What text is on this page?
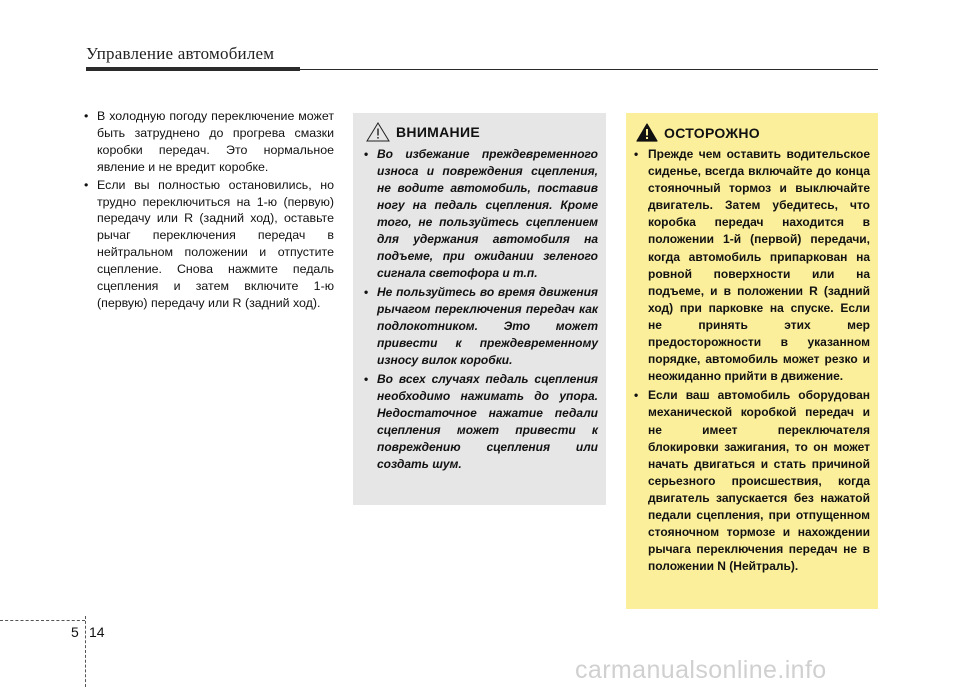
Управление автомобилем
• В холодную погоду переключение может быть затруднено до прогрева смазки коробки передач. Это нормальное явление и не вредит коробке.
• Если вы полностью остановились, но трудно переключиться на 1-ю (первую) передачу или R (задний ход), оставьте рычаг переключения передач в нейтральном положении и отпустите сцепление. Снова нажмите педаль сцепления и затем включите 1-ю (первую) передачу или R (задний ход).
ВНИМАНИЕ
• Во избежание преждевременного износа и повреждения сцепления, не водите автомобиль, поставив ногу на педаль сцепления. Кроме того, не пользуйтесь сцеплением для удержания автомобиля на подъеме, при ожидании зеленого сигнала светофора и т.п.
• Не пользуйтесь во время движения рычагом переключения передач как подлокотником. Это может привести к преждевременному износу вилок коробки.
• Во всех случаях педаль сцепления необходимо нажимать до упора. Недостаточное нажатие педали сцепления может привести к повреждению сцепления или создать шум.
ОСТОРОЖНО
• Прежде чем оставить водительское сиденье, всегда включайте до конца стояночный тормоз и выключайте двигатель. Затем убедитесь, что коробка передач находится в положении 1-й (первой) передачи, когда автомобиль припаркован на ровной поверхности или на подъеме, и в положении R (задний ход) при парковке на спуске. Если не принять этих мер предосторожности в указанном порядке, автомобиль может резко и неожиданно прийти в движение.
• Если ваш автомобиль оборудован механической коробкой передач и не имеет переключателя блокировки зажигания, то он может начать двигаться и стать причиной серьезного происшествия, когда двигатель запускается без нажатой педали сцепления, при отпущенном стояночном тормозе и нахождении рычага переключения передач не в положении N (Нейтраль).
5 14
carmanualsonline.info
